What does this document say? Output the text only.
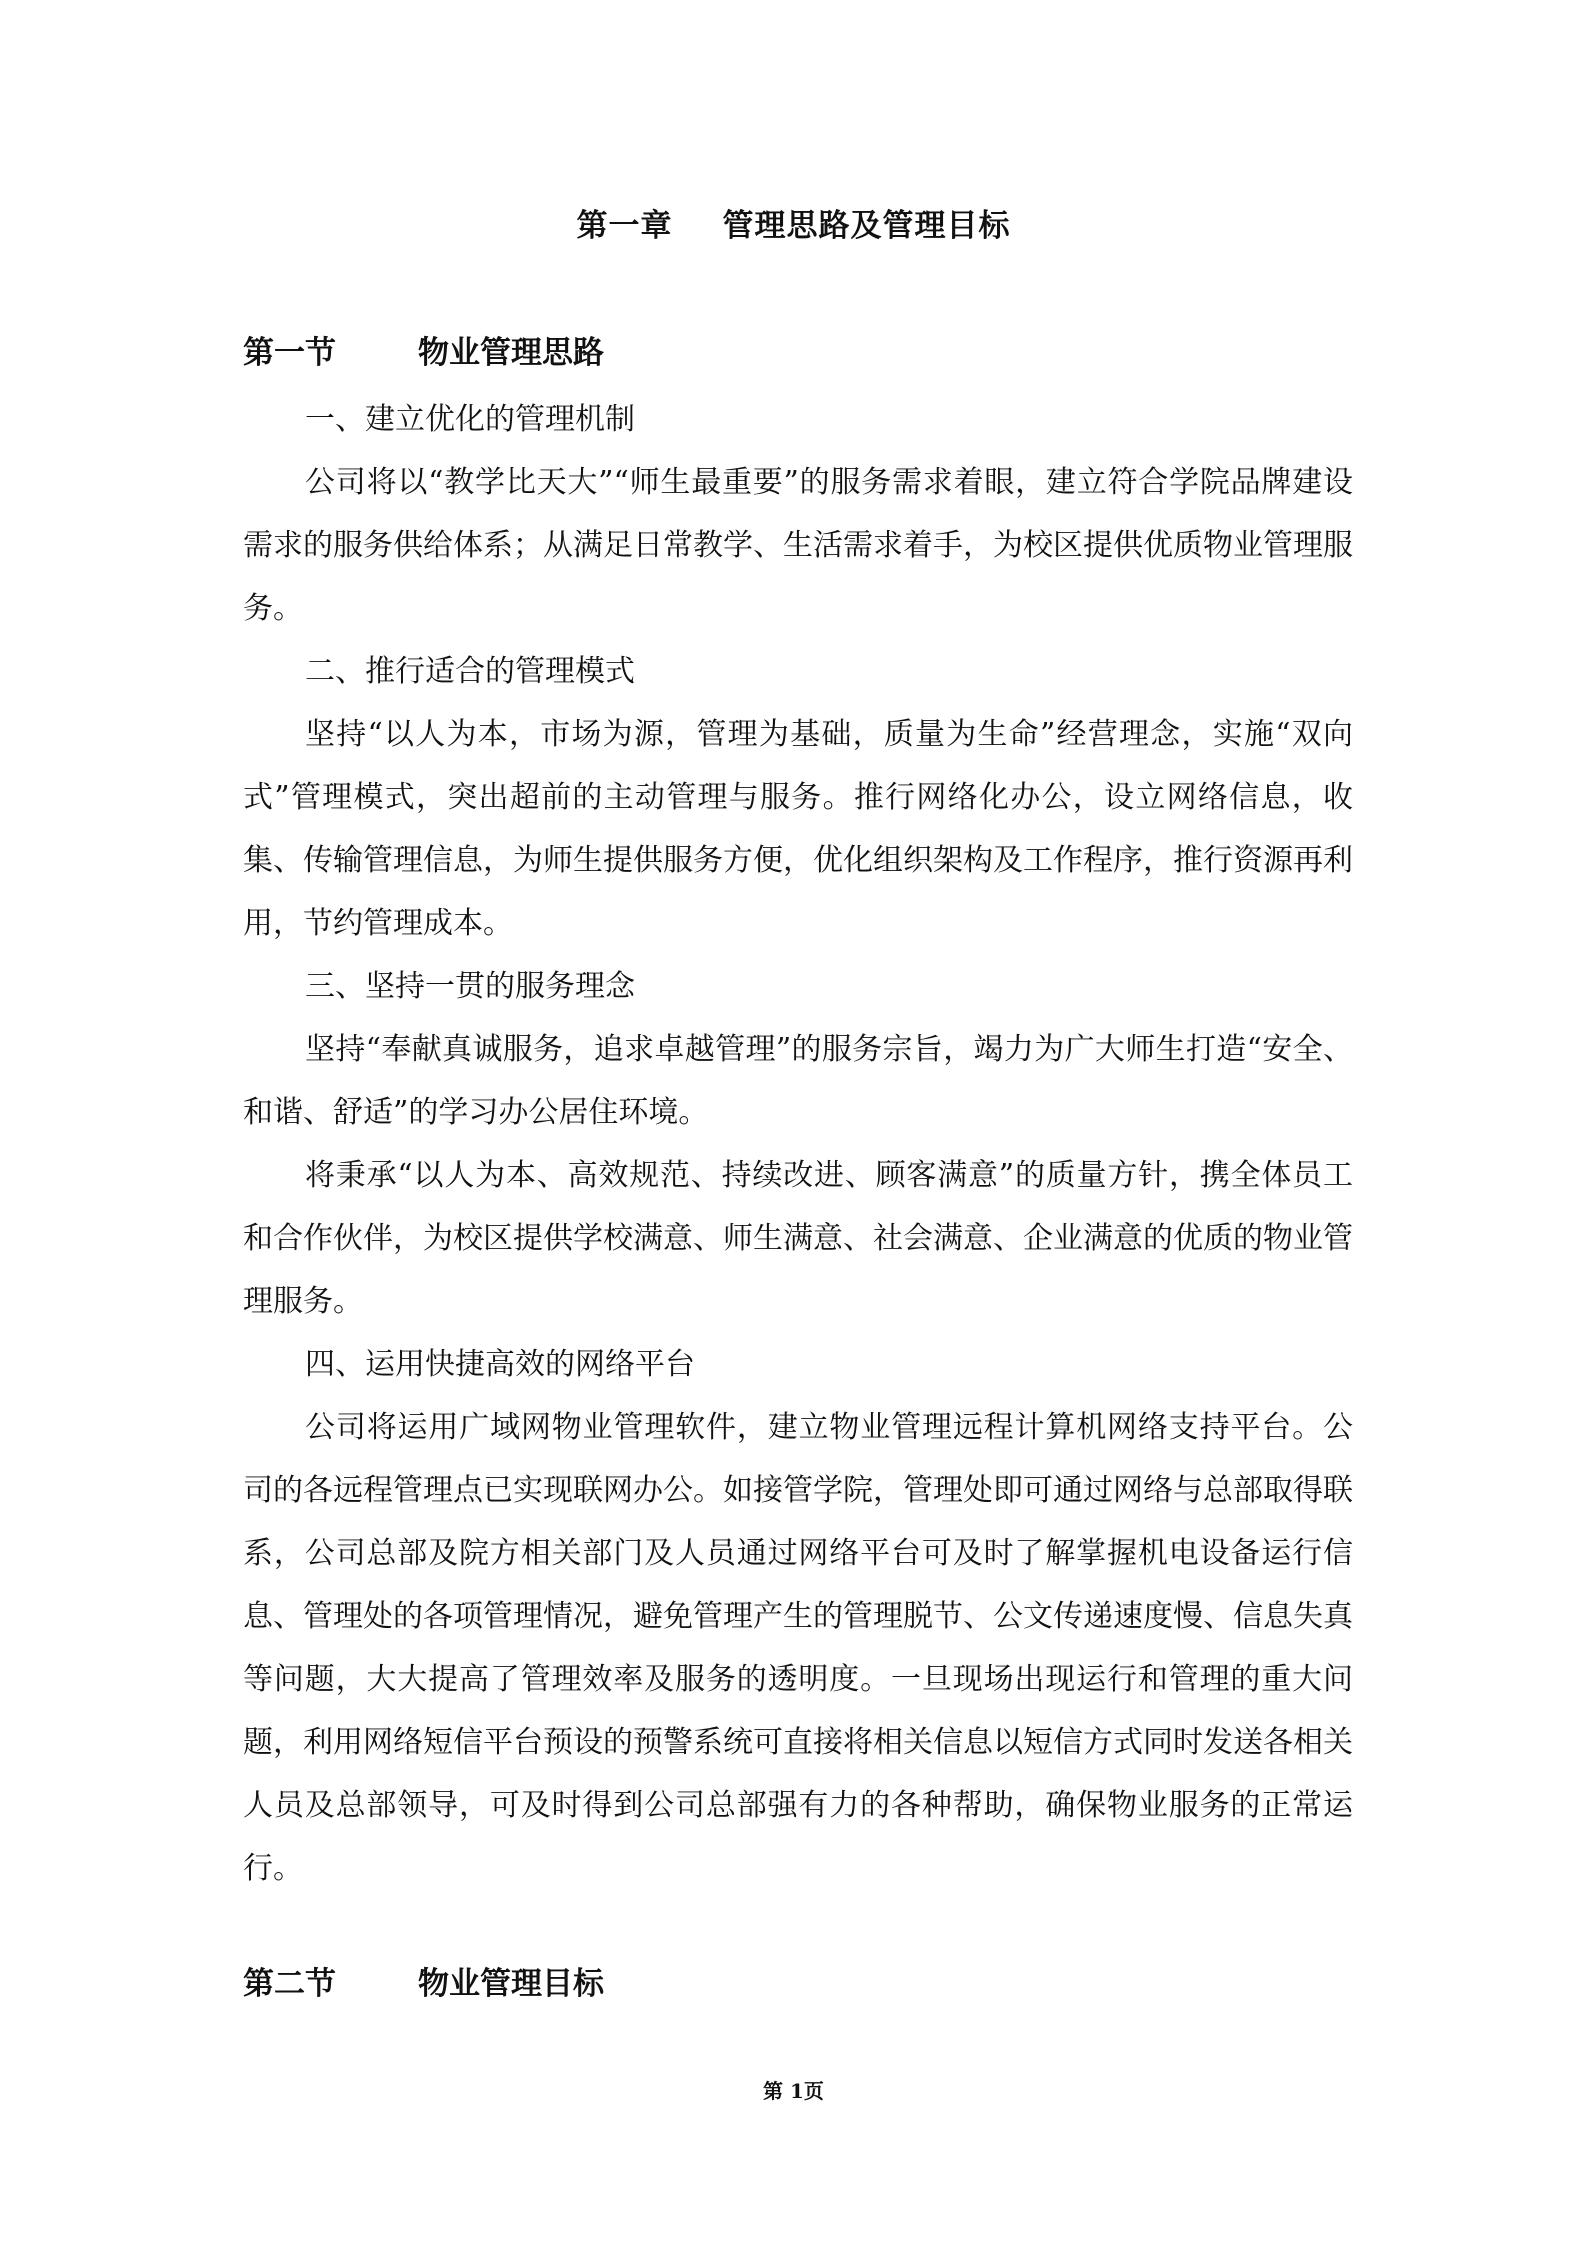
第一章 管理思路及管理目标
第一节	物业管理思路

一、建立优化的管理机制

公司将以“教学比天大”“师生最重要”的服务需求着眼，建立符合学院品牌建设需求的服务供给体系；从满足日常教学、生活需求着手，为校区提供优质物业管理服务。

二、推行适合的管理模式

坚持“以人为本，市场为源，管理为基础，质量为生命”经营理念，实施“双向式”管理模式，突出超前的主动管理与服务。推行网络化办公，设立网络信息，收集、传输管理信息，为师生提供服务方便，优化组织架构及工作程序，推行资源再利用，节约管理成本。

三、坚持一贯的服务理念

坚持“奉献真诚服务，追求卓越管理”的服务宗旨，竭力为广大师生打造“安全、和谐、舒适”的学习办公居住环境。

将秉承“以人为本、高效规范、持续改进、顾客满意”的质量方针，携全体员工和合作伙伴，为校区提供学校满意、师生满意、社会满意、企业满意的优质的物业管理服务。

四、运用快捷高效的网络平台

公司将运用广域网物业管理软件，建立物业管理远程计算机网络支持平台。公司的各远程管理点已实现联网办公。如接管学院，管理处即可通过网络与总部取得联系，公司总部及院方相关部门及人员通过网络平台可及时了解掌握机电设备运行信息、管理处的各项管理情况，避免管理产生的管理脱节、公文传递速度慢、信息失真等问题，大大提高了管理效率及服务的透明度。一旦现场出现运行和管理的重大问题，利用网络短信平台预设的预警系统可直接将相关信息以短信方式同时发送各相关人员及总部领导，可及时得到公司总部强有力的各种帮助，确保物业服务的正常运行。

第二节	物业管理目标
第 1页
